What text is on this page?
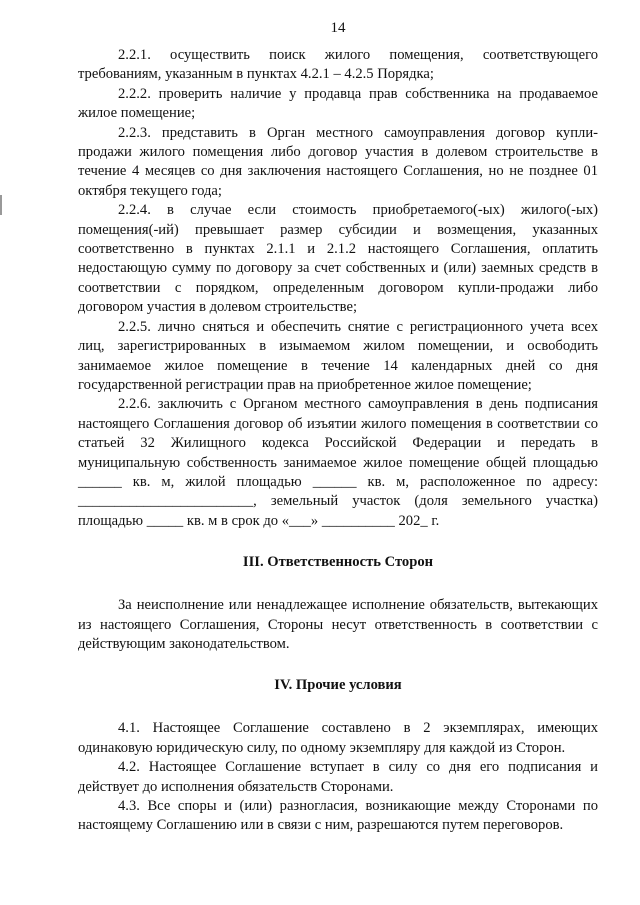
14

2.2.1. осуществить поиск жилого помещения, соответствующего требованиям, указанным в пунктах 4.2.1 – 4.2.5 Порядка;

2.2.2. проверить наличие у продавца прав собственника на продаваемое жилое помещение;

2.2.3. представить в Орган местного самоуправления договор купли-продажи жилого помещения либо договор участия в долевом строительстве в течение 4 месяцев со дня заключения настоящего Соглашения, но не позднее 01 октября текущего года;

2.2.4. в случае если стоимость приобретаемого(-ых) жилого(-ых) помещения(-ий) превышает размер субсидии и возмещения, указанных соответственно в пунктах 2.1.1 и 2.1.2 настоящего Соглашения, оплатить недостающую сумму по договору за счет собственных и (или) заемных средств в соответствии с порядком, определенным договором купли-продажи либо договором участия в долевом строительстве;

2.2.5. лично сняться и обеспечить снятие с регистрационного учета всех лиц, зарегистрированных в изымаемом жилом помещении, и освободить занимаемое жилое помещение в течение 14 календарных дней со дня государственной регистрации прав на приобретенное жилое помещение;

2.2.6. заключить с Органом местного самоуправления в день подписания настоящего Соглашения договор об изъятии жилого помещения в соответствии со статьей 32 Жилищного кодекса Российской Федерации и передать в муниципальную собственность занимаемое жилое помещение общей площадью ______ кв. м, жилой площадью ______ кв. м, расположенное по адресу: ________________________, земельный участок (доля земельного участка) площадью _____ кв. м в срок до «___» __________ 202_ г.

III. Ответственность Сторон

За неисполнение или ненадлежащее исполнение обязательств, вытекающих из настоящего Соглашения, Стороны несут ответственность в соответствии с действующим законодательством.

IV. Прочие условия

4.1. Настоящее Соглашение составлено в 2 экземплярах, имеющих одинаковую юридическую силу, по одному экземпляру для каждой из Сторон.

4.2. Настоящее Соглашение вступает в силу со дня его подписания и действует до исполнения обязательств Сторонами.

4.3. Все споры и (или) разногласия, возникающие между Сторонами по настоящему Соглашению или в связи с ним, разрешаются путем переговоров.
